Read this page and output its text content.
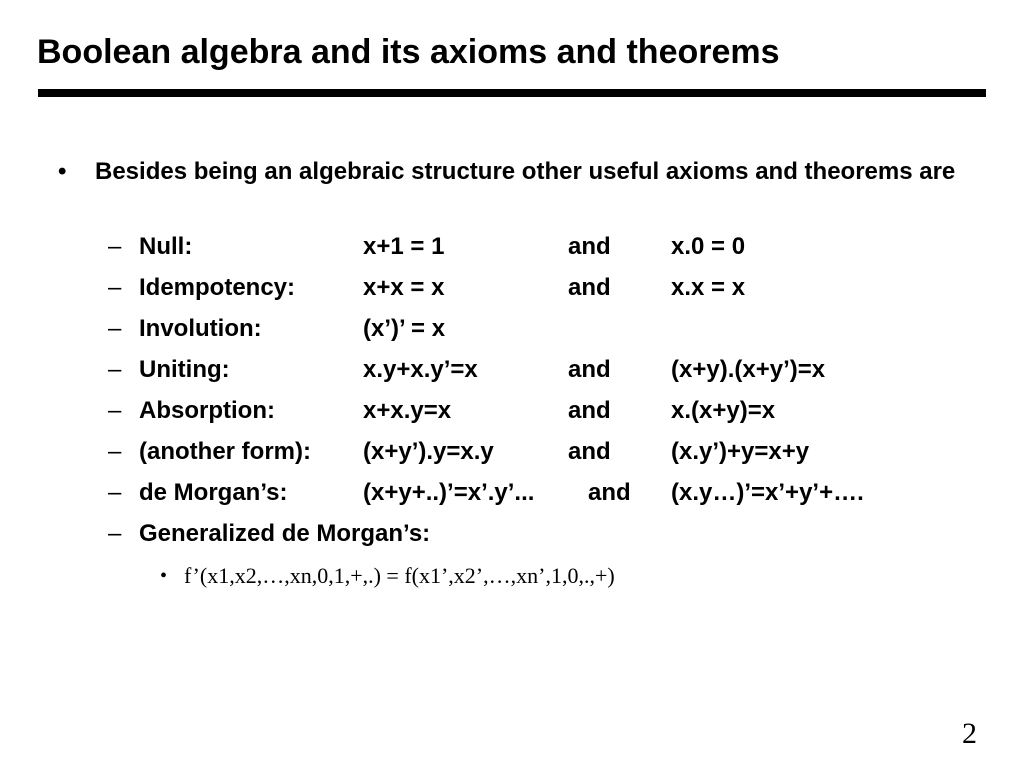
Boolean algebra and its axioms and theorems
• Besides being an algebraic structure other useful axioms and theorems are
– Null:	x+1 = 1	and	x.0 = 0
– Idempotency:	x+x = x	and	x.x = x
– Involution:	(x’)’ = x
– Uniting:	x.y+x.y’=x	and	(x+y).(x+y’)=x
– Absorption:	x+x.y=x	and	x.(x+y)=x
– (another form): (x+y’).y=x.y	and	(x.y’)+y=x+y
– de Morgan’s:	(x+y+..)’=x’.y’... and (x.y…)’=x’+y’+….
– Generalized de Morgan’s:
• f’(x1,x2,…,xn,0,1,+,.) = f(x1’,x2’,…,xn’,1,0,.,+)
2
